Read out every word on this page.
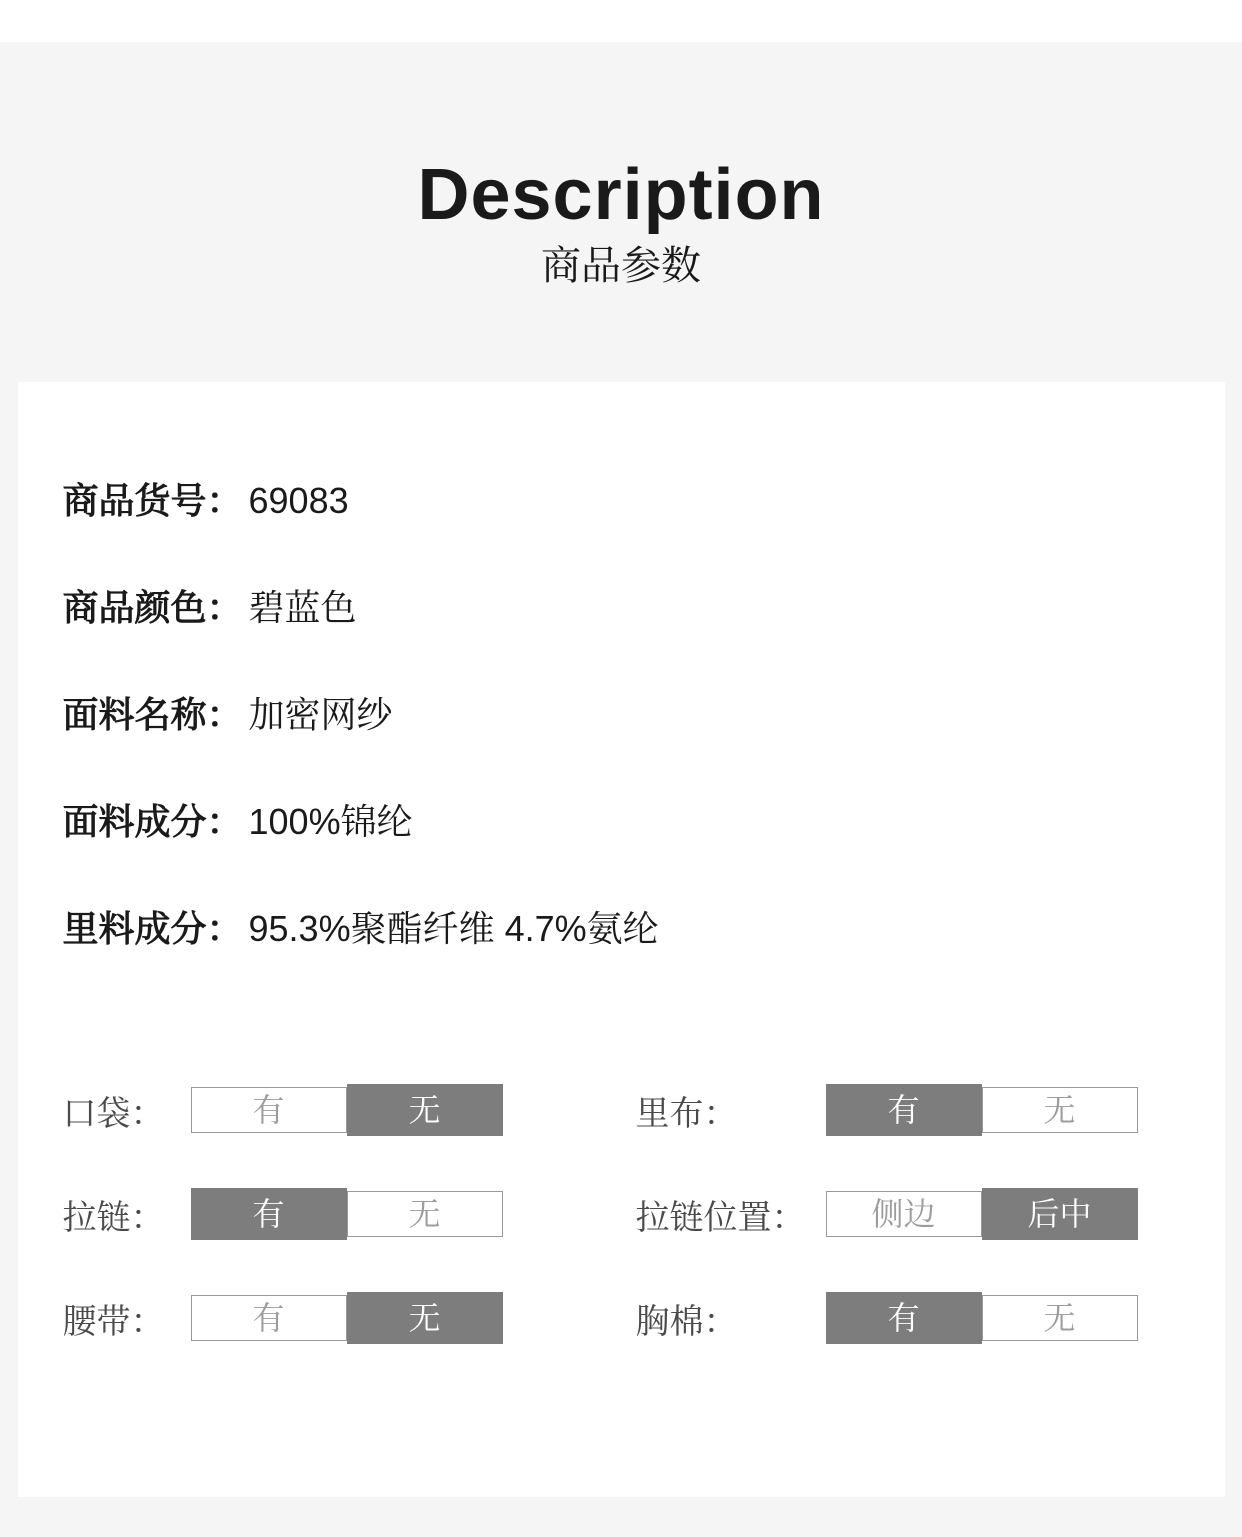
Description
商品参数
商品货号： 69083
商品颜色： 碧蓝色
面料名称： 加密网纱
面料成分： 100%锦纶
里料成分： 95.3%聚酯纤维 4.7%氨纶
口袋：	有	无	里布：	有	无
拉链：	有	无	拉链位置：	侧边	后中
腰带：	有	无	胸棉：	有	无
